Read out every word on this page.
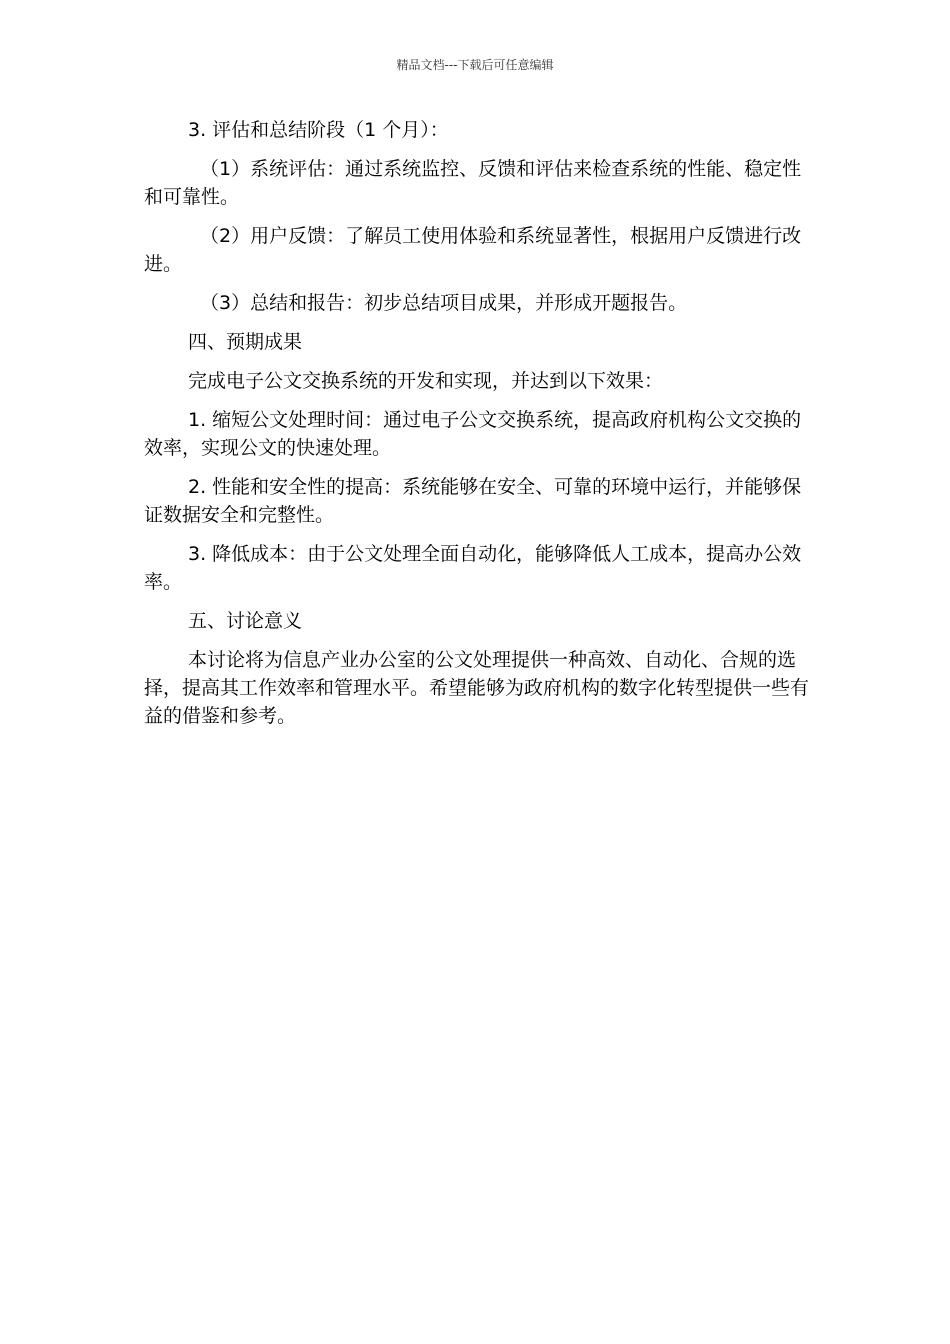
精品文档---下载后可任意编辑

3. 评估和总结阶段（1 个月）：

（1）系统评估：通过系统监控、反馈和评估来检查系统的性能、稳定性和可靠性。

（2）用户反馈：了解员工使用体验和系统显著性，根据用户反馈进行改进。

（3）总结和报告：初步总结项目成果，并形成开题报告。

四、预期成果

完成电子公文交换系统的开发和实现，并达到以下效果：

1. 缩短公文处理时间：通过电子公文交换系统，提高政府机构公文交换的效率，实现公文的快速处理。

2. 性能和安全性的提高：系统能够在安全、可靠的环境中运行，并能够保证数据安全和完整性。

3. 降低成本：由于公文处理全面自动化，能够降低人工成本，提高办公效率。

五、讨论意义

本讨论将为信息产业办公室的公文处理提供一种高效、自动化、合规的选择，提高其工作效率和管理水平。希望能够为政府机构的数字化转型提供一些有益的借鉴和参考。
